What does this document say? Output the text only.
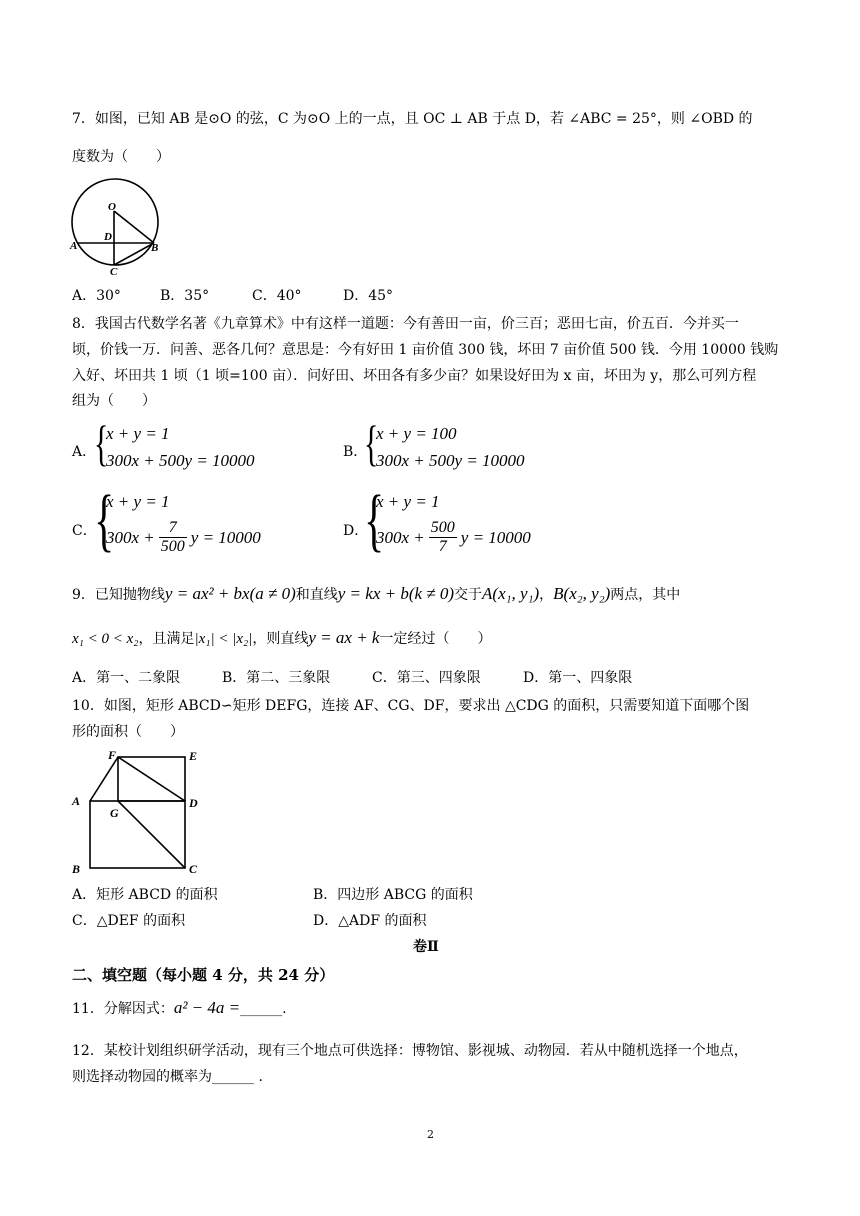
7．如图，已知 AB 是⊙O 的弦，C 为⊙O 上的一点，且 OC ⊥ AB 于点 D，若 ∠ABC = 25°，则 ∠OBD 的
度数为（　　）
O
D
A	B
C
A．30°	B．35°	C．40°	D．45°
8．我国古代数学名著《九章算术》中有这样一道题：今有善田一亩，价三百；恶田七亩，价五百．今并买一
顷，价钱一万．问善、恶各几何？意思是：今有好田 1 亩价值 300 钱，坏田 7 亩价值 500 钱．今用 10000 钱购
入好、坏田共 1 顷（1 顷=100 亩）．问好田、坏田各有多少亩？如果设好田为 x 亩，坏田为 y，那么可列方程
组为（　　）
A．
{
x + y = 1
300x + 500y = 10000	B．
{
x + y = 100
300x + 500y = 10000
C．
{
x + y = 1
$300x + \frac{7}{500}$ y = 10000	D．
{
x + y = 1
$300x + \frac{500}{7}$ y = 10000
9．已知抛物线 y = ax² + bx(a ≠ 0) 和直线 y = kx + b(k ≠ 0) 交于 A(x₁, y₁) ， B(x₂, y₂) 两点，其中
x₁ < 0 < x₂ ，且满足 |x₁| < |x₂| ，则直线 y = ax + k 一定经过（　　）
A．第一、二象限	B．第二、三象限	C．第三、四象限	D．第一、四象限
10．如图，矩形 ABCD∽矩形 DEFG，连接 AF、CG、DF，要求出 △CDG 的面积，只需要知道下面哪个图
形的面积（　　）
F	E
A
G
D
B	C
A．矩形 ABCD 的面积	B．四边形 ABCG 的面积
C．△DEF 的面积	D．△ADF 的面积
卷Ⅱ
二、填空题（每小题 4 分，共 24 分）
11．分解因式： a² − 4a = ______.
12．某校计划组织研学活动，现有三个地点可供选择：博物馆、影视城、动物园．若从中随机选择一个地点，
则选择动物园的概率为______ .
2
